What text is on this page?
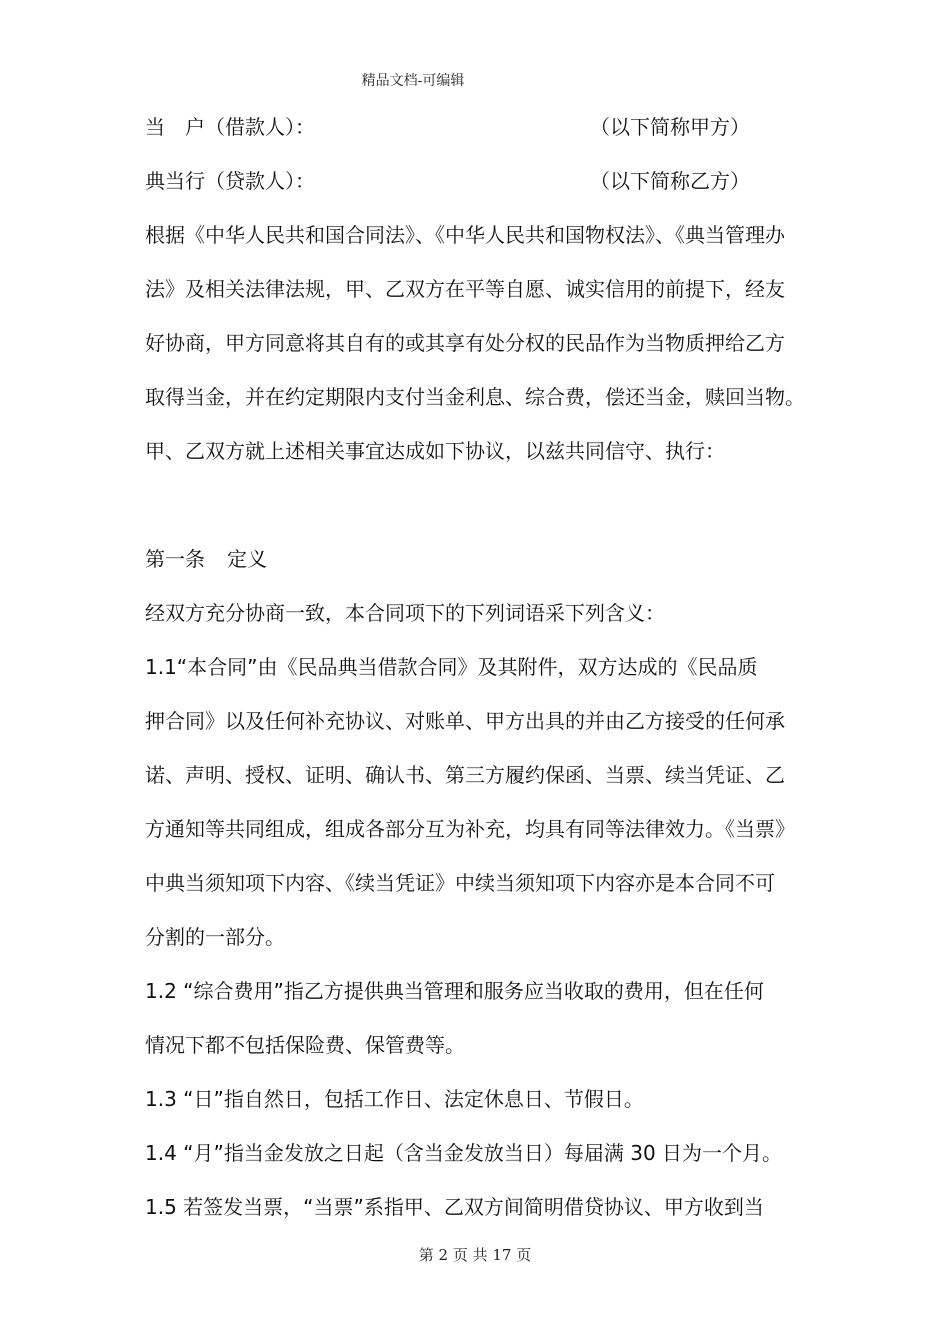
精品文档-可编辑

当　户（借款人）：	（以下简称甲方）

典当行（贷款人）：	（以下简称乙方）

根据《中华人民共和国合同法》、《中华人民共和国物权法》、《典当管理办

法》及相关法律法规，甲、乙双方在平等自愿、诚实信用的前提下，经友

好协商，甲方同意将其自有的或其享有处分权的民品作为当物质押给乙方

取得当金，并在约定期限内支付当金利息、综合费，偿还当金，赎回当物。

甲、乙双方就上述相关事宜达成如下协议，以兹共同信守、执行：

第一条 定义

经双方充分协商一致，本合同项下的下列词语采下列含义：

1.1“本合同”由《民品典当借款合同》及其附件，双方达成的《民品质

押合同》以及任何补充协议、对账单、甲方出具的并由乙方接受的任何承

诺、声明、授权、证明、确认书、第三方履约保函、当票、续当凭证、乙

方通知等共同组成，组成各部分互为补充，均具有同等法律效力。《当票》

中典当须知项下内容、《续当凭证》中续当须知项下内容亦是本合同不可

分割的一部分。

1.2 “综合费用”指乙方提供典当管理和服务应当收取的费用，但在任何

情况下都不包括保险费、保管费等。

1.3 “日”指自然日，包括工作日、法定休息日、节假日。

1.4 “月”指当金发放之日起（含当金发放当日）每届满 30 日为一个月。

1.5 若签发当票，“当票”系指甲、乙双方间简明借贷协议、甲方收到当

第 2 页 共 17 页
